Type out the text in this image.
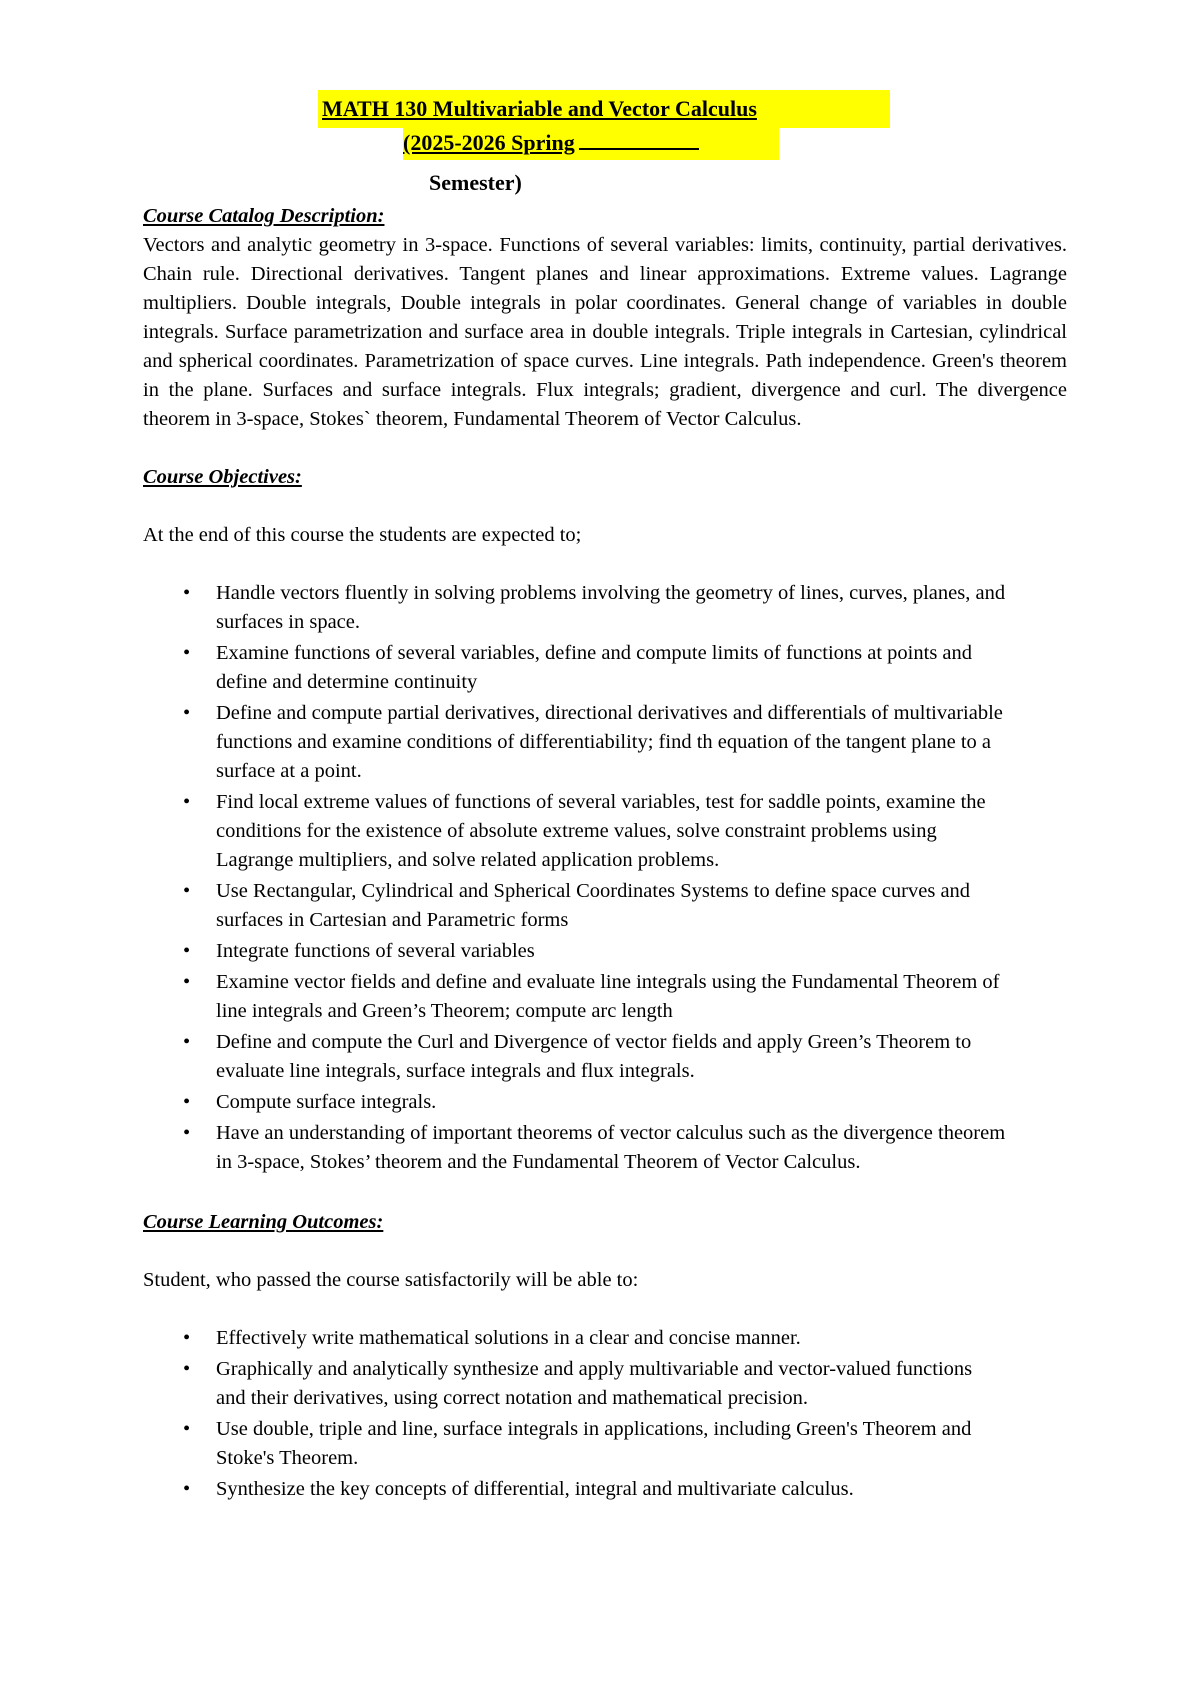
MATH 130 Multivariable and Vector Calculus
(2025-2026 Spring
Semester)

Course Catalog Description:

Vectors and analytic geometry in 3-space. Functions of several variables: limits, continuity, partial derivatives. Chain rule. Directional derivatives. Tangent planes and linear approximations. Extreme values. Lagrange multipliers. Double integrals, Double integrals in polar coordinates. General change of variables in double integrals. Surface parametrization and surface area in double integrals. Triple integrals in Cartesian, cylindrical and spherical coordinates. Parametrization of space curves. Line integrals. Path independence. Green's theorem in the plane. Surfaces and surface integrals. Flux integrals; gradient, divergence and curl. The divergence theorem in 3-space, Stokes` theorem, Fundamental Theorem of Vector Calculus.

Course Objectives:

At the end of this course the students are expected to;

• Handle vectors fluently in solving problems involving the geometry of lines, curves, planes, and surfaces in space.
• Examine functions of several variables, define and compute limits of functions at points and define and determine continuity
• Define and compute partial derivatives, directional derivatives and differentials of multivariable functions and examine conditions of differentiability; find th equation of the tangent plane to a surface at a point.
• Find local extreme values of functions of several variables, test for saddle points, examine the conditions for the existence of absolute extreme values, solve constraint problems using Lagrange multipliers, and solve related application problems.
• Use Rectangular, Cylindrical and Spherical Coordinates Systems to define space curves and surfaces in Cartesian and Parametric forms
• Integrate functions of several variables
• Examine vector fields and define and evaluate line integrals using the Fundamental Theorem of line integrals and Green’s Theorem; compute arc length
• Define and compute the Curl and Divergence of vector fields and apply Green’s Theorem to evaluate line integrals, surface integrals and flux integrals.
• Compute surface integrals.
• Have an understanding of important theorems of vector calculus such as the divergence theorem in 3-space, Stokes’ theorem and the Fundamental Theorem of Vector Calculus.

Course Learning Outcomes:

Student, who passed the course satisfactorily will be able to:

• Effectively write mathematical solutions in a clear and concise manner.
• Graphically and analytically synthesize and apply multivariable and vector-valued functions and their derivatives, using correct notation and mathematical precision.
• Use double, triple and line, surface integrals in applications, including Green's Theorem and Stoke's Theorem.
• Synthesize the key concepts of differential, integral and multivariate calculus.
